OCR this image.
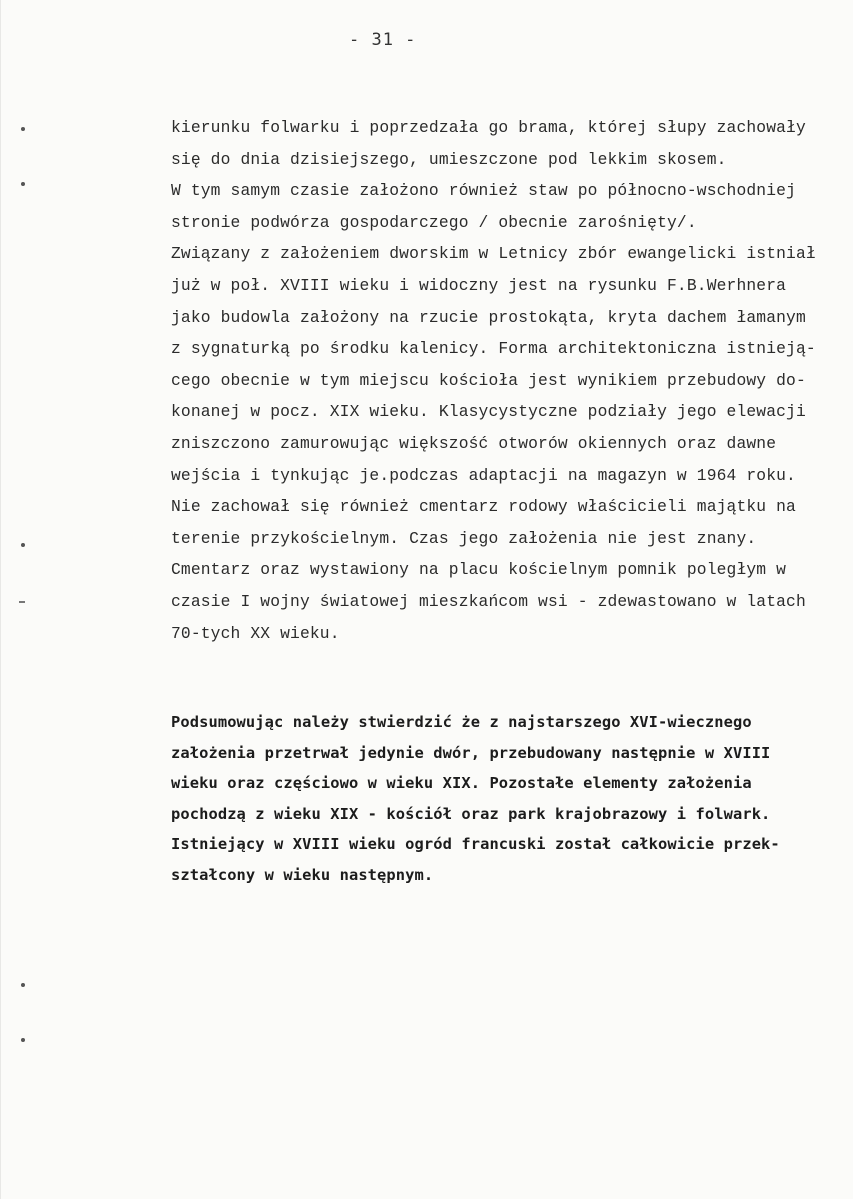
- 31 -
kierunku folwarku i poprzedzała go brama, której słupy zachowały
się do dnia dzisiejszego, umieszczone pod lekkim skosem.
W tym samym czasie założono również staw po północno-wschodniej
stronie podwórza gospodarczego / obecnie zarośnięty/.
Związany z założeniem dworskim w Letnicy zbór ewangelicki istniał
już w poł. XVIII wieku i widoczny jest na rysunku F.B.Werhnera
jako budowla założony na rzucie prostokąta, kryta dachem łamanym
z sygnaturką po środku kalenicy. Forma architektoniczna istnieją-
cego obecnie w tym miejscu kościoła jest wynikiem przebudowy do-
konanej w pocz. XIX wieku. Klasycystyczne podziały jego elewacji
zniszczono zamurowując większość otworów okiennych oraz dawne
wejścia i tynkując je.podczas adaptacji na magazyn w 1964 roku.
Nie zachował się również cmentarz rodowy właścicieli majątku na
terenie przykościelnym. Czas jego założenia nie jest znany.
Cmentarz oraz wystawiony na placu kościelnym pomnik poległym w
czasie I wojny światowej mieszkańcom wsi - zdewastowano w latach
70-tych XX wieku.
Podsumowując należy stwierdzić że z najstarszego XVI-wiecznego
założenia przetrwał jedynie dwór, przebudowany następnie w XVIII
wieku oraz częściowo w wieku XIX. Pozostałe elementy założenia
pochodzą z wieku XIX - kościół oraz park krajobrazowy i folwark.
Istniejący w XVIII wieku ogród francuski został całkowicie przek-
ształcony w wieku następnym.
